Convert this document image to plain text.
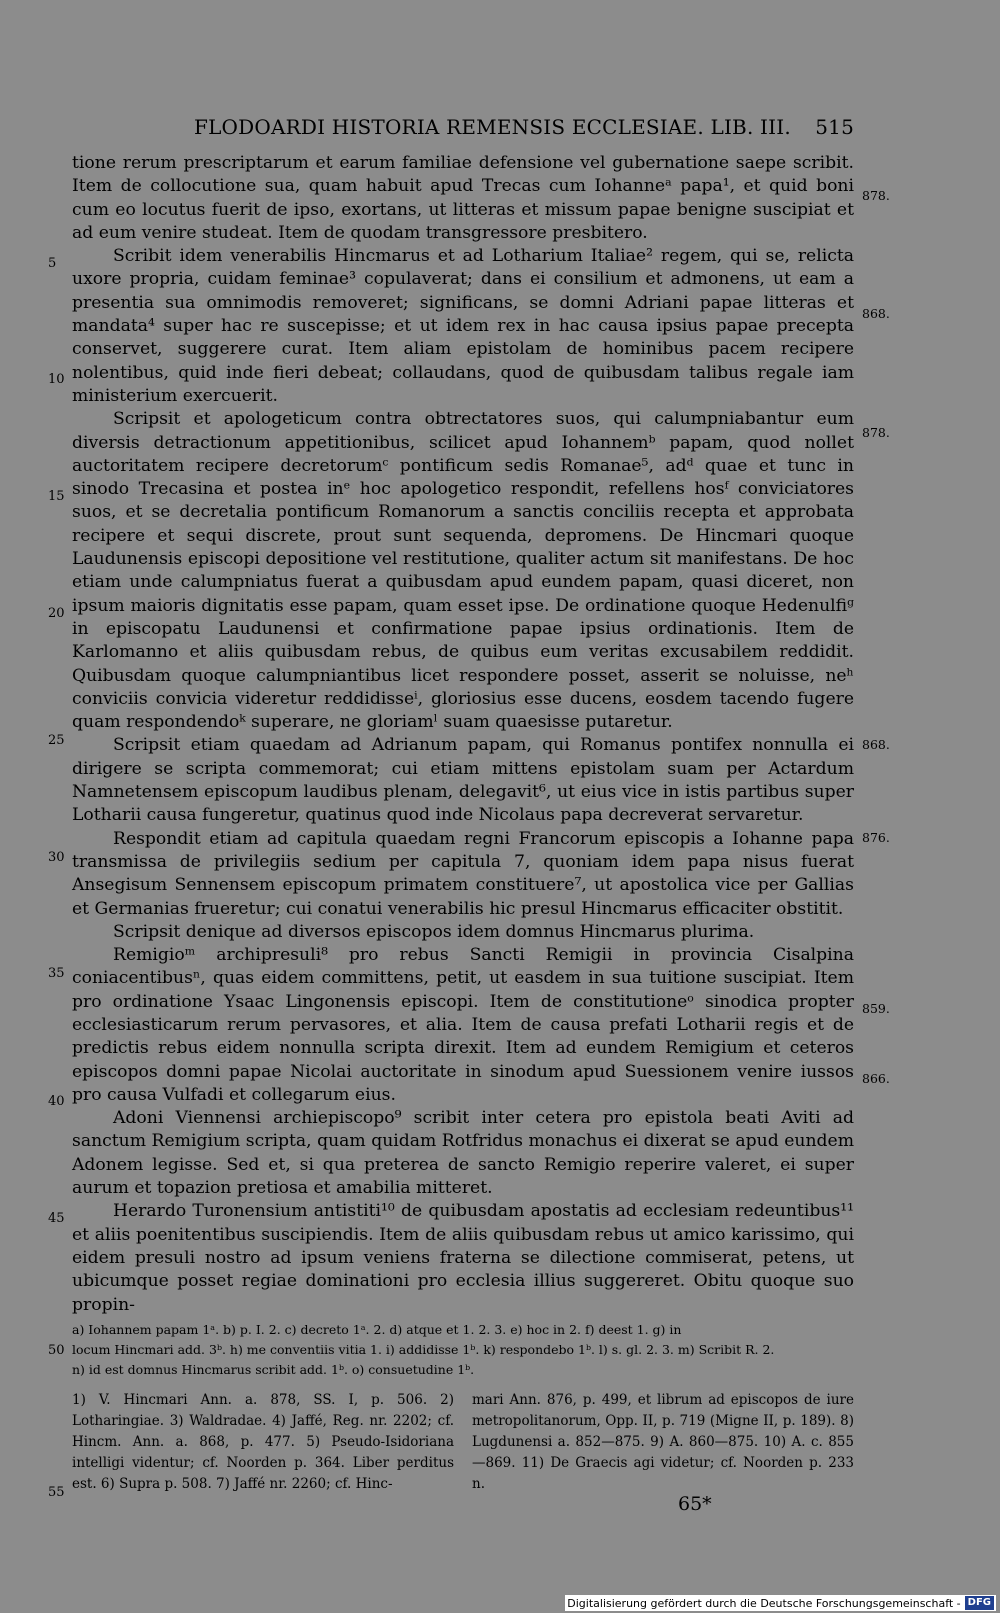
FLODOARDI HISTORIA REMENSIS ECCLESIAE. LIB. III. 515

tione rerum prescriptarum et earum familiae defensione vel gubernatione saepe scribit. Item de collocutione sua, quam habuit apud Trecas cum Iohanneᵃ papa¹, et quid boni cum eo locutus fuerit de ipso, exortans, ut litteras et missum papae benigne suscipiat et ad eum venire studeat. Item de quodam transgressore presbitero.

Scribit idem venerabilis Hincmarus et ad Lotharium Italiae² regem, qui se, relicta uxore propria, cuidam feminae³ copulaverat; dans ei consilium et admonens, ut eam a presentia sua omnimodis removeret; significans, se domni Adriani papae litteras et mandata⁴ super hac re suscepisse; et ut idem rex in hac causa ipsius papae precepta conservet, suggerere curat. Item aliam epistolam de hominibus pacem recipere nolentibus, quid inde fieri debeat; collaudans, quod de quibusdam talibus regale iam ministerium exercuerit.

Scripsit et apologeticum contra obtrectatores suos, qui calumpniabantur eum diversis detractionum appetitionibus, scilicet apud Iohannemᵇ papam, quod nollet auctoritatem recipere decretorumᶜ pontificum sedis Romanae⁵, adᵈ quae et tunc in sinodo Trecasina et postea inᵉ hoc apologetico respondit, refellens hosᶠ conviciatores suos, et se decretalia pontificum Romanorum a sanctis conciliis recepta et approbata recipere et sequi discrete, prout sunt sequenda, depromens. De Hincmari quoque Laudunensis episcopi depositione vel restitutione, qualiter actum sit manifestans. De hoc etiam unde calumpniatus fuerat a quibusdam apud eundem papam, quasi diceret, non ipsum maioris dignitatis esse papam, quam esset ipse. De ordinatione quoque Hedenulfiᵍ in episcopatu Laudunensi et confirmatione papae ipsius ordinationis. Item de Karlomanno et aliis quibusdam rebus, de quibus eum veritas excusabilem reddidit. Quibusdam quoque calumpniantibus licet respondere posset, asserit se noluisse, neʰ conviciis convicia videretur reddidisseⁱ, gloriosius esse ducens, eosdem tacendo fugere quam respondendoᵏ superare, ne gloriamˡ suam quaesisse putaretur.

Scripsit etiam quaedam ad Adrianum papam, qui Romanus pontifex nonnulla ei dirigere se scripta commemorat; cui etiam mittens epistolam suam per Actardum Namnetensem episcopum laudibus plenam, delegavit⁶, ut eius vice in istis partibus super Lotharii causa fungeretur, quatinus quod inde Nicolaus papa decreverat servaretur.

Respondit etiam ad capitula quaedam regni Francorum episcopis a Iohanne papa transmissa de privilegiis sedium per capitula 7, quoniam idem papa nisus fuerat Ansegisum Sennensem episcopum primatem constituere⁷, ut apostolica vice per Gallias et Germanias frueretur; cui conatui venerabilis hic presul Hincmarus efficaciter obstitit.

Scripsit denique ad diversos episcopos idem domnus Hincmarus plurima.

Remigioᵐ archipresuli⁸ pro rebus Sancti Remigii in provincia Cisalpina coniacentibusⁿ, quas eidem committens, petit, ut easdem in sua tuitione suscipiat. Item pro ordinatione Ysaac Lingonensis episcopi. Item de constitutioneᵒ sinodica propter ecclesiasticarum rerum pervasores, et alia. Item de causa prefati Lotharii regis et de predictis rebus eidem nonnulla scripta direxit. Item ad eundem Remigium et ceteros episcopos domni papae Nicolai auctoritate in sinodum apud Suessionem venire iussos pro causa Vulfadi et collegarum eius.

Adoni Viennensi archiepiscopo⁹ scribit inter cetera pro epistola beati Aviti ad sanctum Remigium scripta, quam quidam Rotfridus monachus ei dixerat se apud eundem Adonem legisse. Sed et, si qua preterea de sancto Remigio reperire valeret, ei super aurum et topazion pretiosa et amabilia mitteret.

Herardo Turonensium antistiti¹⁰ de quibusdam apostatis ad ecclesiam redeuntibus¹¹ et aliis poenitentibus suscipiendis. Item de aliis quibusdam rebus ut amico karissimo, qui eidem presuli nostro ad ipsum veniens fraterna se dilectione commiserat, petens, ut ubicumque posset regiae dominationi pro ecclesia illius suggereret. Obitu quoque suo propin-

5
10
15
20
25
30
35
40
45
50
55
878.
868.
878.
868.
876.
859.
866.
a) Iohannem papam 1ᵃ. b) p. I. 2. c) decreto 1ᵃ. 2. d) atque et 1. 2. 3. e) hoc in 2. f) deest 1. g) in
locum Hincmari add. 3ᵇ. h) me conventiis vitia 1. i) addidisse 1ᵇ. k) respondebo 1ᵇ. l) s. gl. 2. 3. m) Scribit R. 2.
n) id est domnus Hincmarus scribit add. 1ᵇ. o) consuetudine 1ᵇ.
1) V. Hincmari Ann. a. 878, SS. I, p. 506. 2) Lotharingiae. 3) Waldradae. 4) Jaffé, Reg. nr. 2202; cf. Hincm. Ann. a. 868, p. 477. 5) Pseudo-Isidoriana intelligi videntur; cf. Noorden p. 364. Liber perditus est. 6) Supra p. 508. 7) Jaffé nr. 2260; cf. Hinc-
mari Ann. 876, p. 499, et librum ad episcopos de iure metropolitanorum, Opp. II, p. 719 (Migne II, p. 189). 8) Lugdunensi a. 852—875. 9) A. 860—875. 10) A. c. 855—869. 11) De Graecis agi videtur; cf. Noorden p. 233 n.
65*
Digitalisierung gefördert durch die Deutsche Forschungsgemeinschaft - DFG
